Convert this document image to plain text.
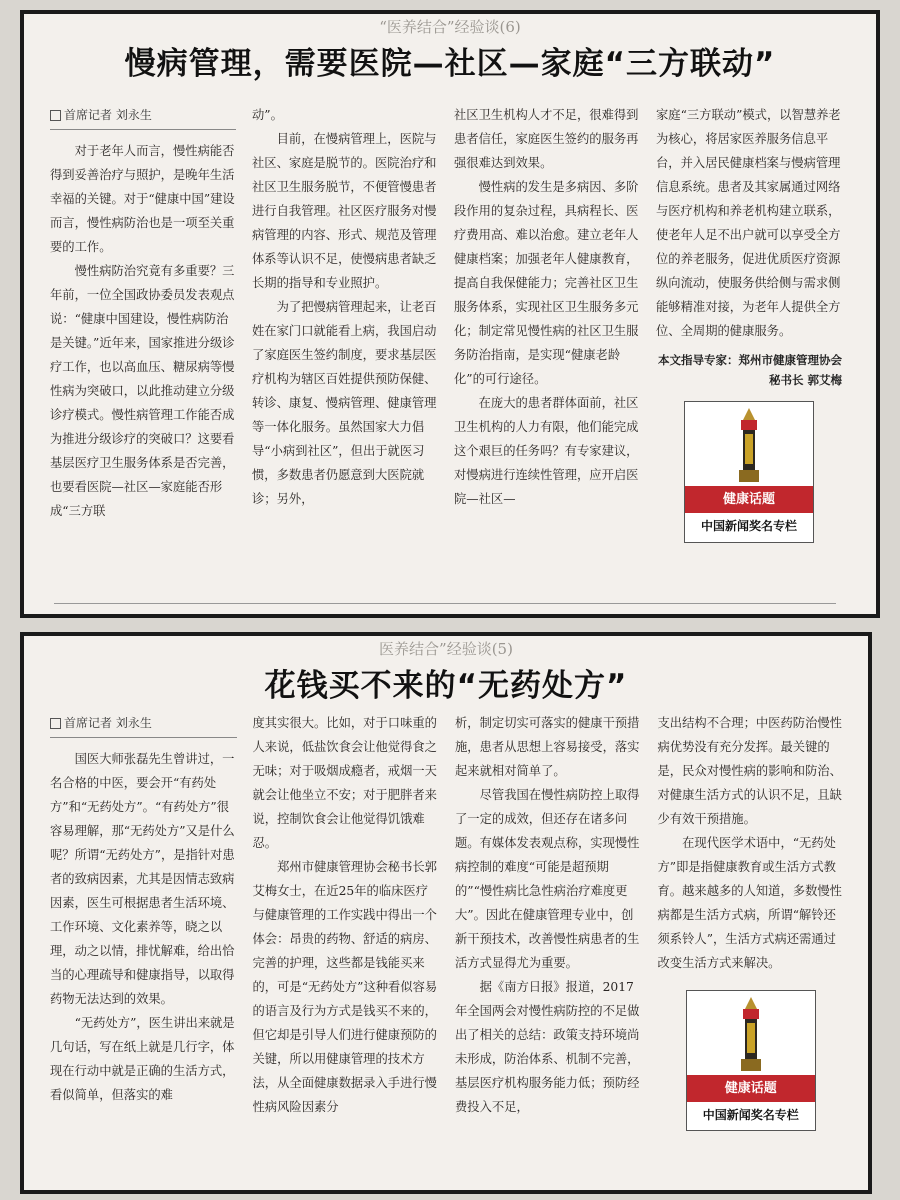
“医养结合”经验谈(6)
慢病管理，需要医院—社区—家庭“三方联动”
首席记者 刘永生

对于老年人而言，慢性病能否得到妥善治疗与照护，是晚年生活幸福的关键。对于“健康中国”建设而言，慢性病防治也是一项至关重要的工作。

慢性病防治究竟有多重要？三年前，一位全国政协委员发表观点说：“健康中国建设，慢性病防治是关键。”近年来，国家推进分级诊疗工作，也以高血压、糖尿病等慢性病为突破口，以此推动建立分级诊疗模式。慢性病管理工作能否成为推进分级诊疗的突破口？这要看基层医疗卫生服务体系是否完善，也要看医院—社区—家庭能否形成“三方联

动”。

目前，在慢病管理上，医院与社区、家庭是脱节的。医院治疗和社区卫生服务脱节，不便管慢患者进行自我管理。社区医疗服务对慢病管理的内容、形式、规范及管理体系等认识不足，使慢病患者缺乏长期的指导和专业照护。

为了把慢病管理起来，让老百姓在家门口就能看上病，我国启动了家庭医生签约制度，要求基层医疗机构为辖区百姓提供预防保健、转诊、康复、慢病管理、健康管理等一体化服务。虽然国家大力倡导“小病到社区”，但出于就医习惯，多数患者仍愿意到大医院就诊；另外，

社区卫生机构人才不足，很难得到患者信任，家庭医生签约的服务再强很难达到效果。

慢性病的发生是多病因、多阶段作用的复杂过程，具病程长、医疗费用高、难以治愈。建立老年人健康档案；加强老年人健康教育，提高自我保健能力；完善社区卫生服务体系，实现社区卫生服务多元化；制定常见慢性病的社区卫生服务防治指南，是实现“健康老龄化”的可行途径。

在庞大的患者群体面前，社区卫生机构的人力有限，他们能完成这个艰巨的任务吗？有专家建议，对慢病进行连续性管理，应开启医院—社区—

家庭“三方联动”模式，以智慧养老为核心，将居家医养服务信息平台，并入居民健康档案与慢病管理信息系统。患者及其家属通过网络与医疗机构和养老机构建立联系，使老年人足不出户就可以享受全方位的养老服务，促进优质医疗资源纵向流动，使服务供给侧与需求侧能够精准对接，为老年人提供全方位、全周期的健康服务。

本文指导专家：郑州市健康管理协会秘书长 郭艾梅
健康话题
中国新闻奖名专栏
医养结合”经验谈(5)
花钱买不来的“无药处方”
首席记者 刘永生

国医大师张磊先生曾讲过，一名合格的中医，要会开“有药处方”和“无药处方”。“有药处方”很容易理解，那“无药处方”又是什么呢？所谓“无药处方”，是指针对患者的致病因素，尤其是因情志致病因素，医生可根据患者生活环境、工作环境、文化素养等，晓之以理，动之以情，排忧解难，给出恰当的心理疏导和健康指导，以取得药物无法达到的效果。

“无药处方”，医生讲出来就是几句话，写在纸上就是几行字，体现在行动中就是正确的生活方式，看似简单，但落实的难

度其实很大。比如，对于口味重的人来说，低盐饮食会让他觉得食之无味；对于吸烟成瘾者，戒烟一天就会让他坐立不安；对于肥胖者来说，控制饮食会让他觉得饥饿难忍。

郑州市健康管理协会秘书长郭艾梅女士，在近25年的临床医疗与健康管理的工作实践中得出一个体会：昂贵的药物、舒适的病房、完善的护理，这些都是钱能买来的，可是“无药处方”这种看似容易的语言及行为方式是钱买不来的，但它却是引导人们进行健康预防的关键，所以用健康管理的技术方法，从全面健康数据录入手进行慢性病风险因素分

析，制定切实可落实的健康干预措施，患者从思想上容易接受，落实起来就相对简单了。

尽管我国在慢性病防控上取得了一定的成效，但还存在诸多问题。有媒体发表观点称，实现慢性病控制的难度“可能是超预期的”“慢性病比急性病治疗难度更大”。因此在健康管理专业中，创新干预技术，改善慢性病患者的生活方式显得尤为重要。

据《南方日报》报道，2017年全国两会对慢性病防控的不足做出了相关的总结：政策支持环境尚未形成，防治体系、机制不完善，基层医疗机构服务能力低；预防经费投入不足，

支出结构不合理；中医药防治慢性病优势没有充分发挥。最关键的是，民众对慢性病的影响和防治、对健康生活方式的认识不足，且缺少有效干预措施。

在现代医学术语中，“无药处方”即是指健康教育或生活方式教育。越来越多的人知道，多数慢性病都是生活方式病，所谓“解铃还须系铃人”，生活方式病还需通过改变生活方式来解决。

健康话题
中国新闻奖名专栏
